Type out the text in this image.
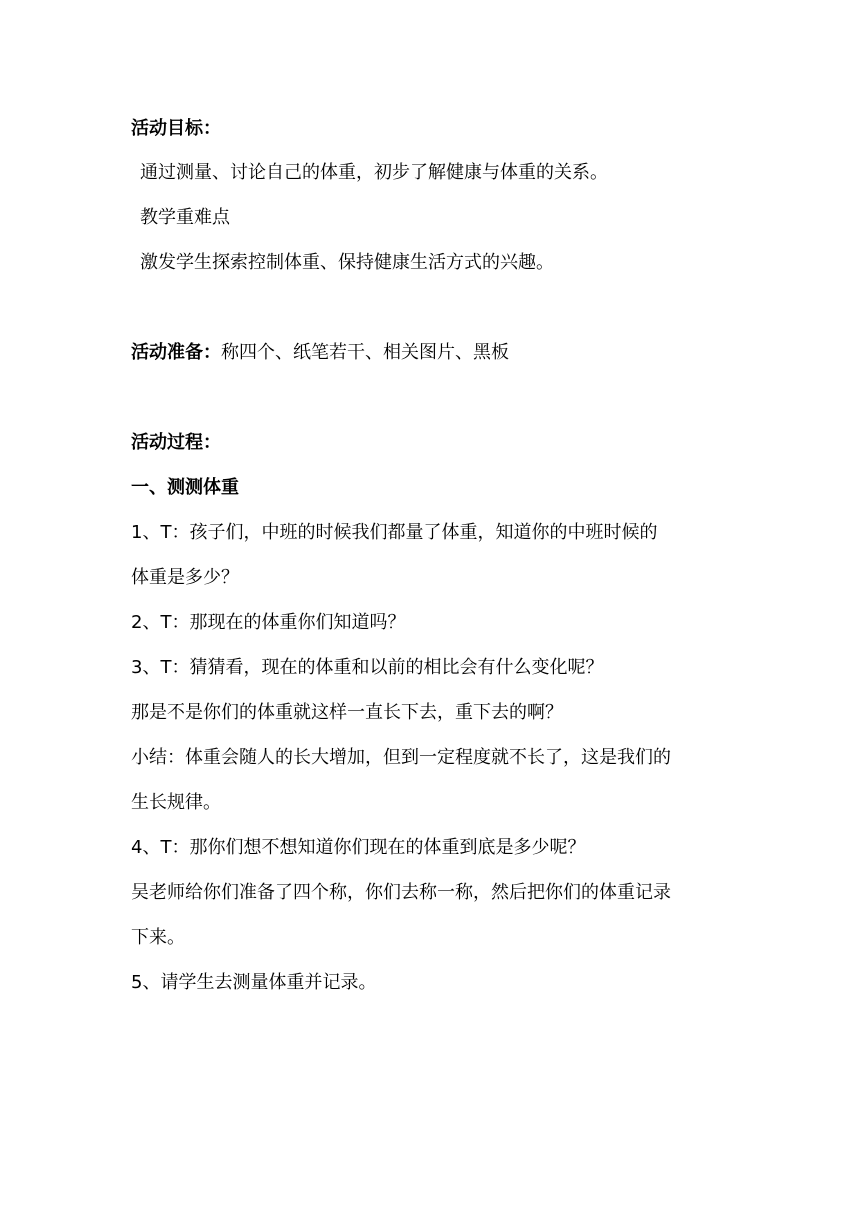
活动目标：
通过测量、讨论自己的体重，初步了解健康与体重的关系。
教学重难点
激发学生探索控制体重、保持健康生活方式的兴趣。
活动准备：称四个、纸笔若干、相关图片、黑板
活动过程：
一、测测体重
1、T：孩子们，中班的时候我们都量了体重，知道你的中班时候的
体重是多少？
2、T：那现在的体重你们知道吗？
3、T：猜猜看，现在的体重和以前的相比会有什么变化呢？
那是不是你们的体重就这样一直长下去，重下去的啊？
小结：体重会随人的长大增加，但到一定程度就不长了，这是我们的
生长规律。
4、T：那你们想不想知道你们现在的体重到底是多少呢？
吴老师给你们准备了四个称，你们去称一称，然后把你们的体重记录
下来。
5、请学生去测量体重并记录。
